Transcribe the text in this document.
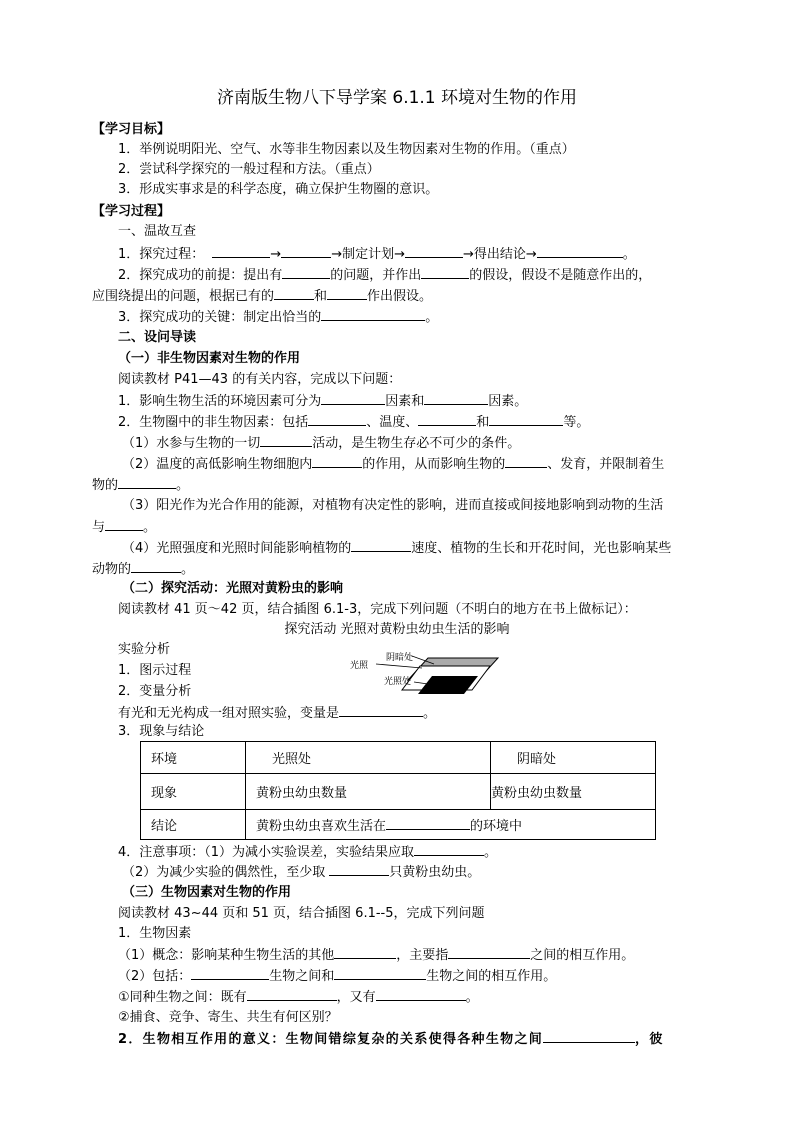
济南版生物八下导学案 6.1.1 环境对生物的作用
【学习目标】
1．举例说明阳光、空气、水等非生物因素以及生物因素对生物的作用。（重点）
2．尝试科学探究的一般过程和方法。（重点）
3．形成实事求是的科学态度，确立保护生物圈的意识。
【学习过程】
一、温故互查
1．探究过程：	→	→制定计划→	→得出结论→	。
2．探究成功的前提：提出有	的问题，并作出	的假设，假设不是随意作出的，
应围绕提出的问题，根据已有的	和	作出假设。
3．探究成功的关键：制定出恰当的	。
二、设问导读
（一）非生物因素对生物的作用
阅读教材 P41—43 的有关内容，完成以下问题：
1．影响生物生活的环境因素可分为	因素和	因素。
2．生物圈中的非生物因素：包括	、温度、	和	等。
（1）水参与生物的一切	活动，是生物生存必不可少的条件。
（2）温度的高低影响生物细胞内	的作用，从而影响生物的	、发育，并限制着生
物的	。
（3）阳光作为光合作用的能源，对植物有决定性的影响，进而直接或间接地影响到动物的生活
与	。
（4）光照强度和光照时间能影响植物的	速度、植物的生长和开花时间，光也影响某些
动物的	。
（二）探究活动：光照对黄粉虫的影响
阅读教材 41 页～42 页，结合插图 6.1-3，完成下列问题（不明白的地方在书上做标记）：
探究活动 光照对黄粉虫幼虫生活的影响
实验分析
1．图示过程
2．变量分析
有光和无光构成一组对照实验，变量是	。
3．现象与结论
光照
阴暗处
光照处
环境	光照处	阴暗处
现象	黄粉虫幼虫数量	黄粉虫幼虫数量
结论	黄粉虫幼虫喜欢生活在 的环境中	
4．注意事项：（1）为减小实验误差，实验结果应取	。
（2）为减少实验的偶然性，至少取	只黄粉虫幼虫。
（三）生物因素对生物的作用
阅读教材 43~44 页和 51 页，结合插图 6.1--5，完成下列问题
1．生物因素
（1）概念：影响某种生物生活的其他	，主要指	之间的相互作用。
（2）包括：	生物之间和	生物之间的相互作用。
①同种生物之间：既有	，又有	。
②捕食、竞争、寄生、共生有何区别？
2．生物相互作用的意义：生物间错综复杂的关系使得各种生物之间	，彼
